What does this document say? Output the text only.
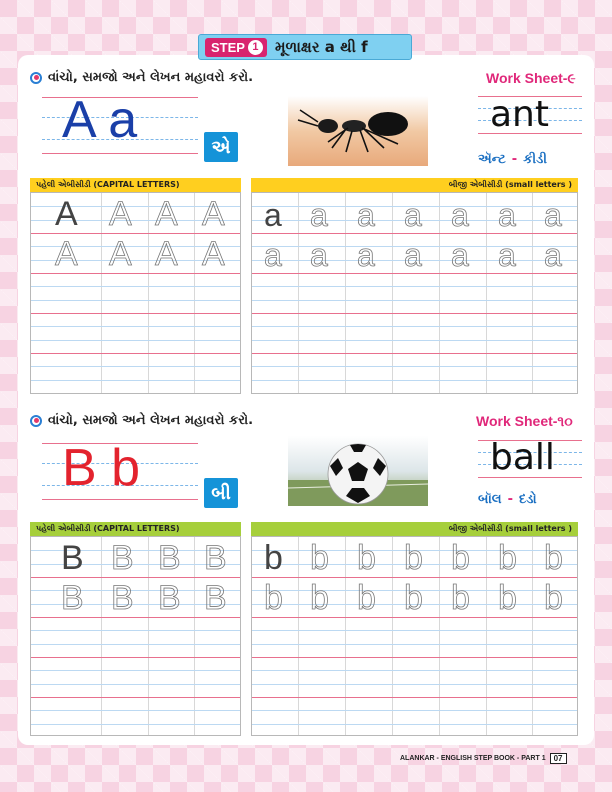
STEP 1 મૂળાક્ષર a થી f
વાંચો, સમજો અને લેખન મહાવરો કરો.	Work Sheet-૯
A a	એ
ant
ઍન્ટ - કીડી
પહેલી એબીસીડી (CAPITAL LETTERS)	બીજી એબીસીડી (small letters )
A A A A
A A A A
a a a a a a a
a a a a a a a
વાંચો, સમજો અને લેખન મહાવરો કરો.	Work Sheet-૧૦
B b	બી
ball
બૉલ - દડો
પહેલી એબીસીડી (CAPITAL LETTERS)	બીજી એબીસીડી (small letters )
B B B B
B B B B
b b b b b b b
b b b b b b b
ALANKAR - ENGLISH STEP BOOK - PART 1	07
